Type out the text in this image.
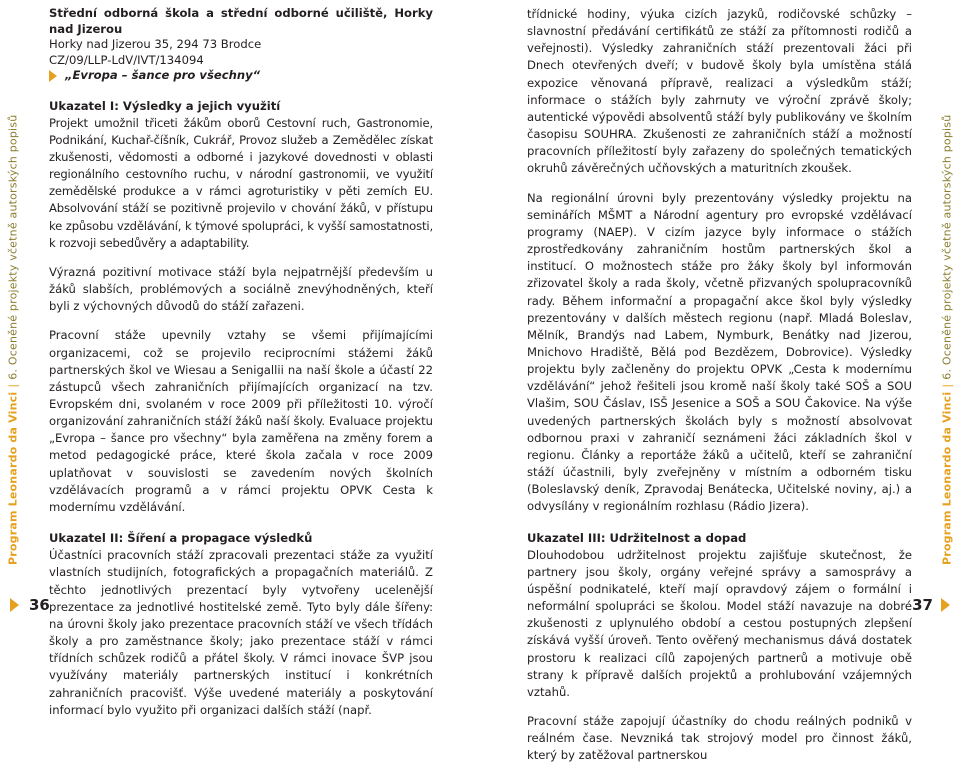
Program Leonardo da Vinci|6. Oceněné projekty včetně autorských popisů
Program Leonardo da Vinci|6. Oceněné projekty včetně autorských popisů

Střední odborná škola a střední odborné učiliště, Horky nad Jizerou

Horky nad Jizerou 35, 294 73 Brodce

CZ/09/LLP-LdV/IVT/134094

„Evropa – šance pro všechny“

Ukazatel I: Výsledky a jejich využití

Projekt umožnil třiceti žákům oborů Cestovní ruch, Gastronomie, Podnikání, Kuchař-číšník, Cukrář, Provoz služeb a Zemědělec získat zkušenosti, vědomosti a odborné i jazykové dovednosti v oblasti regionálního cestovního ruchu, v národní gastronomii, ve využití zemědělské produkce a v rámci agroturistiky v pěti zemích EU. Absolvování stáží se pozitivně projevilo v chování žáků, v přístupu ke způsobu vzdělávání, k týmové spolupráci, k vyšší samostatnosti, k rozvoji sebedůvěry a adaptability.

Výrazná pozitivní motivace stáží byla nejpatrnější především u žáků slabších, problémových a sociálně znevýhodněných, kteří byli z výchovných důvodů do stáží zařazeni.

Pracovní stáže upevnily vztahy se všemi přijímajícími organizacemi, což se projevilo reciprocními stážemi žáků partnerských škol ve Wiesau a Senigallii na naší škole a účastí 22 zástupců všech zahraničních přijímajících organizací na tzv. Evropském dni, svolaném v roce 2009 při příležitosti 10. výročí organizování zahraničních stáží žáků naší školy. Evaluace projektu „Evropa – šance pro všechny“ byla zaměřena na změny forem a metod pedagogické práce, které škola začala v roce 2009 uplatňovat v souvislosti se zavedením nových školních vzdělávacích programů a v rámci projektu OPVK Cesta k modernímu vzdělávání.

Ukazatel II: Šíření a propagace výsledků

Účastníci pracovních stáží zpracovali prezentaci stáže za využití vlastních studijních, fotografických a propagačních materiálů. Z těchto jednotlivých prezentací byly vytvořeny ucelenější prezentace za jednotlivé hostitelské země. Tyto byly dále šířeny: na úrovni školy jako prezentace pracovních stáží ve všech třídách školy a pro zaměstnance školy; jako prezentace stáží v rámci třídních schůzek rodičů a přátel školy. V rámci inovace ŠVP jsou využívány materiály partnerských institucí i konkrétních zahraničních pracovišť. Výše uvedené materiály a poskytování informací bylo využito při organizaci dalších stáží (např.

třídnické hodiny, výuka cizích jazyků, rodičovské schůzky – slavnostní předávání certifikátů ze stáží za přítomnosti rodičů a veřejnosti). Výsledky zahraničních stáží prezentovali žáci při Dnech otevřených dveří; v budově školy byla umístěna stálá expozice věnovaná přípravě, realizaci a výsledkům stáží; informace o stážích byly zahrnuty ve výroční zprávě školy; autentické výpovědi absolventů stáží byly publikovány ve školním časopisu SOUHRA. Zkušenosti ze zahraničních stáží a možností pracovních příležitostí byly zařazeny do společných tematických okruhů závěrečných učňovských a maturitních zkoušek.

Na regionální úrovni byly prezentovány výsledky projektu na seminářích MŠMT a Národní agentury pro evropské vzdělávací programy (NAEP). V cizím jazyce byly informace o stážích zprostředkovány zahraničním hostům partnerských škol a institucí. O možnostech stáže pro žáky školy byl informován zřizovatel školy a rada školy, včetně přizvaných spolupracovníků rady. Během informační a propagační akce škol byly výsledky prezentovány v dalších městech regionu (např. Mladá Boleslav, Mělník, Brandýs nad Labem, Nymburk, Benátky nad Jizerou, Mnichovo Hradiště, Bělá pod Bezdězem, Dobrovice). Výsledky projektu byly začleněny do projektu OPVK „Cesta k modernímu vzdělávání“ jehož řešiteli jsou kromě naší školy také SOŠ a SOU Vlašim, SOU Čáslav, ISŠ Jesenice a SOŠ a SOU Čakovice. Na výše uvedených partnerských školách byly s možností absolvovat odbornou praxi v zahraničí seznámeni žáci základních škol v regionu. Články a reportáže žáků a učitelů, kteří se zahraniční stáží účastnili, byly zveřejněny v místním a odborném tisku (Boleslavský deník, Zpravodaj Benátecka, Učitelské noviny, aj.) a odvysílány v regionálním rozhlasu (Rádio Jizera).

Ukazatel III: Udržitelnost a dopad

Dlouhodobou udržitelnost projektu zajišťuje skutečnost, že partnery jsou školy, orgány veřejné správy a samosprávy a úspěšní podnikatelé, kteří mají opravdový zájem o formální i neformální spolupráci se školou. Model stáží navazuje na dobré zkušenosti z uplynulého období a cestou postupných zlepšení získává vyšší úroveň. Tento ověřený mechanismus dává dostatek prostoru k realizaci cílů zapojených partnerů a motivuje obě strany k přípravě dalších projektů a prohlubování vzájemných vztahů.

Pracovní stáže zapojují účastníky do chodu reálných podniků v reálném čase. Nevzniká tak strojový model pro činnost žáků, který by zatěžoval partnerskou

36	37
